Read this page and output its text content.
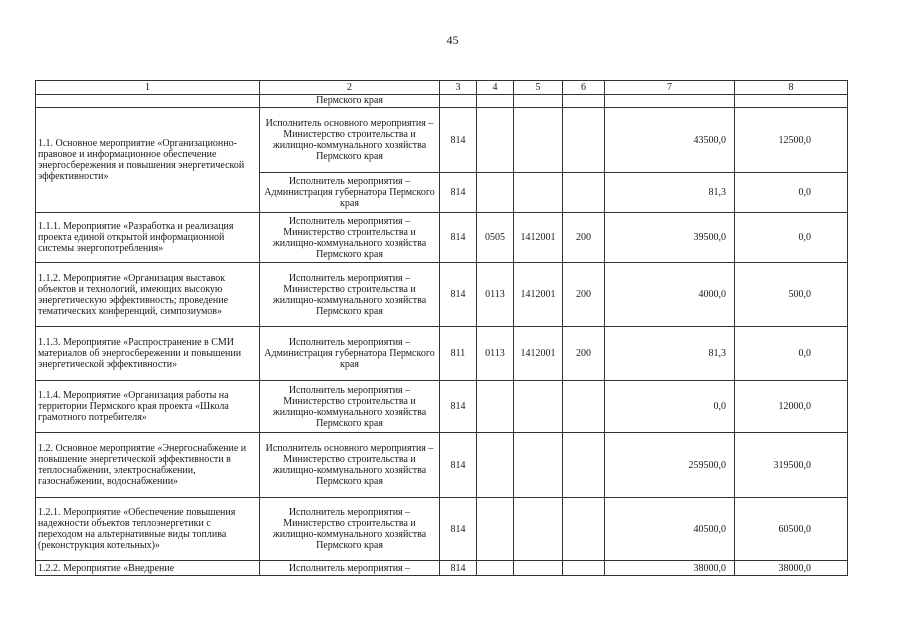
45
1	2	3	4	5	6	7	8
	Пермского края						
1.1. Основное мероприятие «Организационно-правовое и информационное обеспечение энергосбережения и повышения энергетической эффективности»	Исполнитель основного мероприятия – Министерство строительства и жилищно-коммунального хозяйства Пермского края	814				43500,0	12500,0
	Исполнитель мероприятия – Администрация губернатора Пермского края	814				81,3	0,0
1.1.1. Мероприятие «Разработка и реализация проекта единой открытой информационной системы энергопотребления»	Исполнитель мероприятия – Министерство строительства и жилищно-коммунального хозяйства Пермского края	814	0505	1412001	200	39500,0	0,0
1.1.2. Мероприятие «Организация выставок объектов и технологий, имеющих высокую энергетическую эффективность; проведение тематических конференций, симпозиумов»	Исполнитель мероприятия – Министерство строительства и жилищно-коммунального хозяйства Пермского края	814	0113	1412001	200	4000,0	500,0
1.1.3. Мероприятие «Распространение в СМИ материалов об энергосбережении и повышении энергетической эффективности»	Исполнитель мероприятия – Администрация губернатора Пермского края	811	0113	1412001	200	81,3	0,0
1.1.4. Мероприятие «Организация работы на территории Пермского края проекта «Школа грамотного потребителя»	Исполнитель мероприятия – Министерство строительства и жилищно-коммунального хозяйства Пермского края	814				0,0	12000,0
1.2. Основное мероприятие «Энергоснабжение и повышение энергетической эффективности в теплоснабжении, электроснабжении, газоснабжении, водоснабжении»	Исполнитель основного мероприятия – Министерство строительства и жилищно-коммунального хозяйства Пермского края	814				259500,0	319500,0
1.2.1. Мероприятие «Обеспечение повышения надежности объектов теплоэнергетики с переходом на альтернативные виды топлива (реконструкция котельных)»	Исполнитель мероприятия – Министерство строительства и жилищно-коммунального хозяйства Пермского края	814				40500,0	60500,0
1.2.2. Мероприятие «Внедрение	Исполнитель мероприятия –	814				38000,0	38000,0
